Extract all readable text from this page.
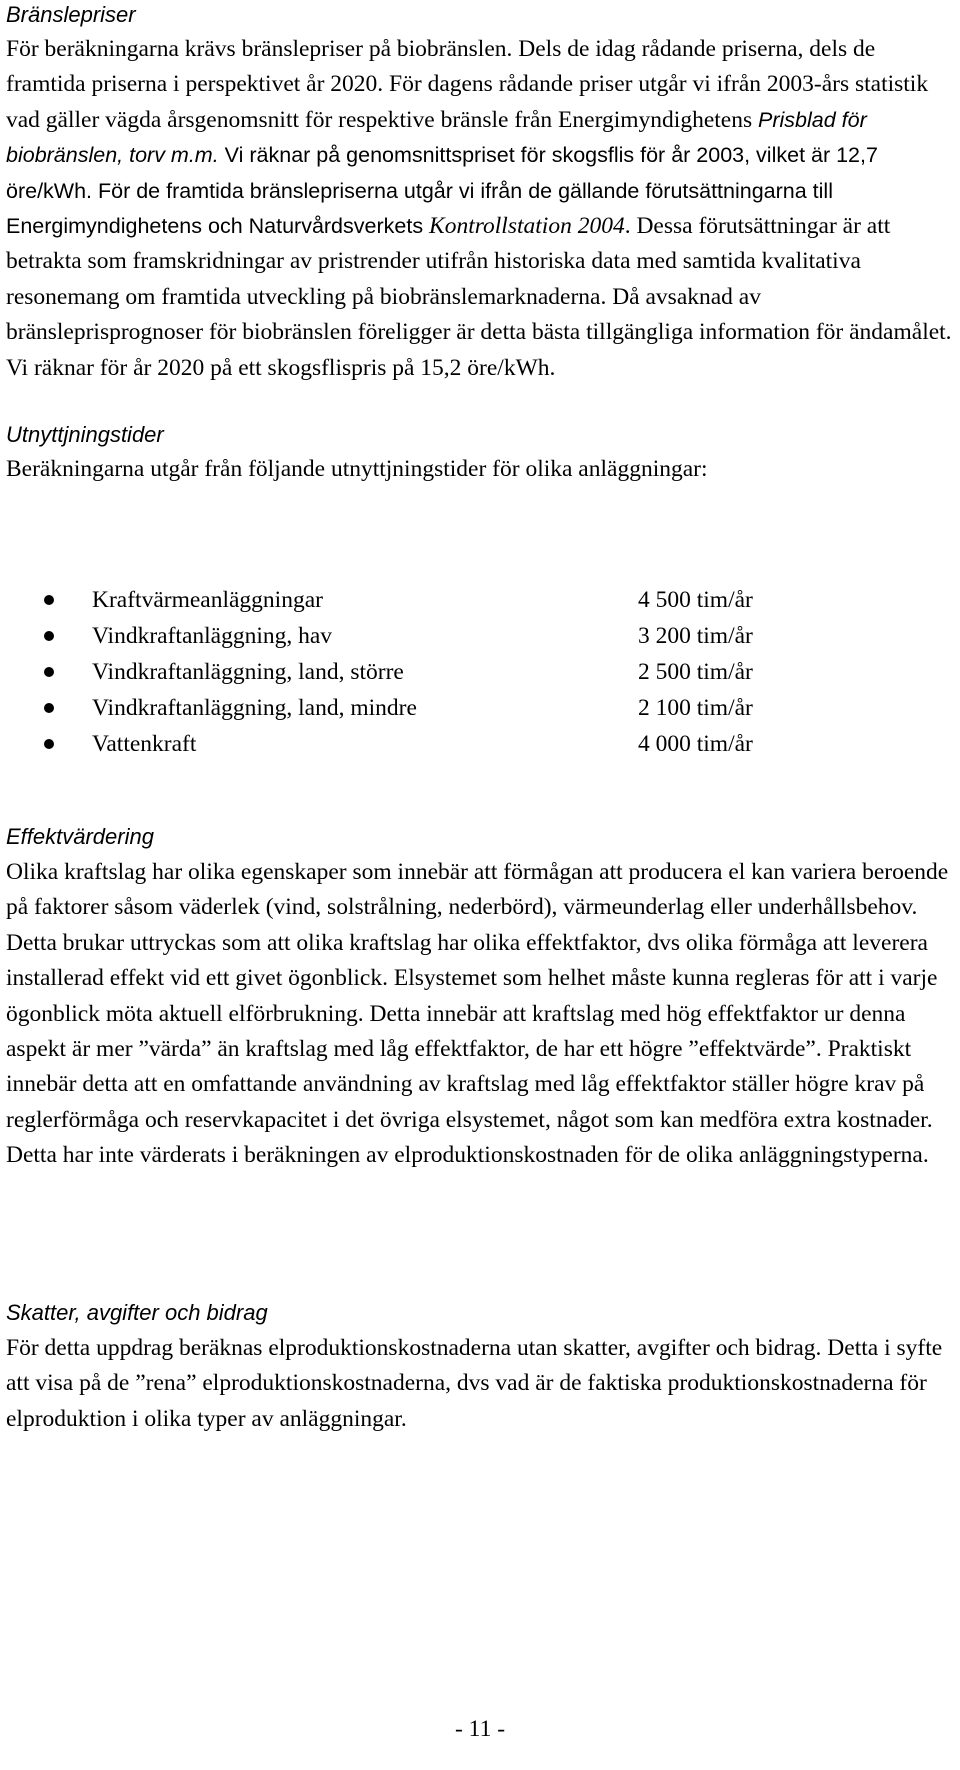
Bränslepriser

För beräkningarna krävs bränslepriser på biobränslen. Dels de idag rådande priserna, dels de framtida priserna i perspektivet år 2020. För dagens rådande priser utgår vi ifrån 2003-års statistik vad gäller vägda årsgenomsnitt för respektive bränsle från Energimyndighetens Prisblad för biobränslen, torv m.m. Vi räknar på genomsnittspriset för skogsflis för år 2003, vilket är 12,7 öre/kWh. För de framtida bränslepriserna utgår vi ifrån de gällande förutsättningarna till Energimyndighetens och Naturvårdsverkets Kontrollstation 2004. Dessa förutsättningar är att betrakta som framskridningar av pristrender utifrån historiska data med samtida kvalitativa resonemang om framtida utveckling på biobränslemarknaderna. Då avsaknad av bränsleprisprognoser för biobränslen föreligger är detta bästa tillgängliga information för ändamålet. Vi räknar för år 2020 på ett skogsflispris på 15,2 öre/kWh.

Utnyttjningstider

Beräkningarna utgår från följande utnyttjningstider för olika anläggningar:

Kraftvärmeanläggningar	4 500 tim/år
Vindkraftanläggning, hav	3 200 tim/år
Vindkraftanläggning, land, större	2 500 tim/år
Vindkraftanläggning, land, mindre	2 100 tim/år
Vattenkraft	4 000 tim/år
Effektvärdering

Olika kraftslag har olika egenskaper som innebär att förmågan att producera el kan variera beroende på faktorer såsom väderlek (vind, solstrålning, nederbörd), värmeunderlag eller underhållsbehov. Detta brukar uttryckas som att olika kraftslag har olika effektfaktor, dvs olika förmåga att leverera installerad effekt vid ett givet ögonblick. Elsystemet som helhet måste kunna regleras för att i varje ögonblick möta aktuell elförbrukning. Detta innebär att kraftslag med hög effektfaktor ur denna aspekt är mer ”värda” än kraftslag med låg effektfaktor, de har ett högre ”effektvärde”. Praktiskt innebär detta att en omfattande användning av kraftslag med låg effektfaktor ställer högre krav på reglerförmåga och reservkapacitet i det övriga elsystemet, något som kan medföra extra kostnader. Detta har inte värderats i beräkningen av elproduktionskostnaden för de olika anläggningstyperna.

Skatter, avgifter och bidrag

För detta uppdrag beräknas elproduktionskostnaderna utan skatter, avgifter och bidrag. Detta i syfte att visa på de ”rena” elproduktionskostnaderna, dvs vad är de faktiska produktionskostnaderna för elproduktion i olika typer av anläggningar.

- 11 -
